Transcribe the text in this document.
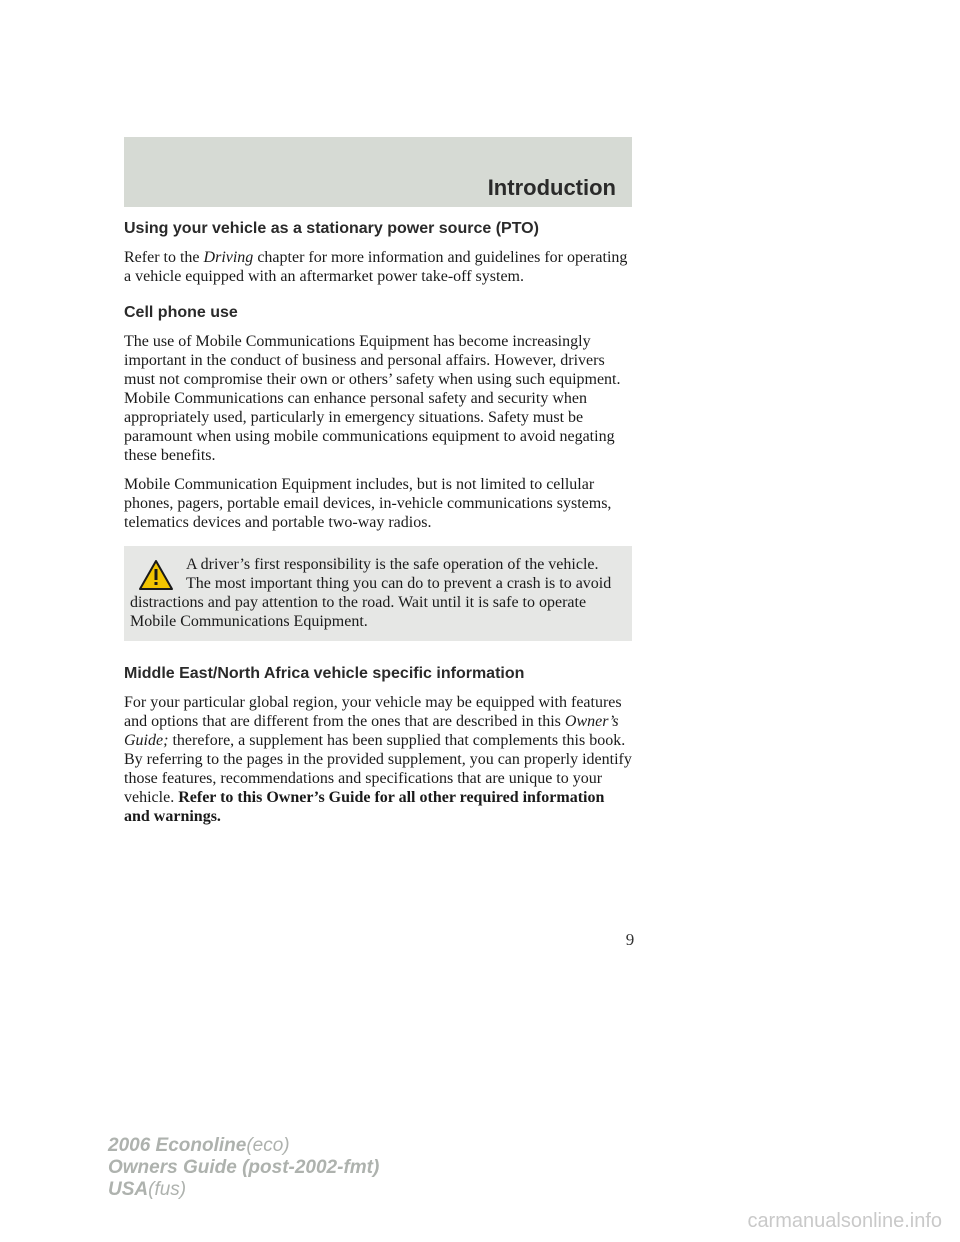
Introduction
Using your vehicle as a stationary power source (PTO)

Refer to the Driving chapter for more information and guidelines for operating a vehicle equipped with an aftermarket power take-off system.

Cell phone use

The use of Mobile Communications Equipment has become increasingly important in the conduct of business and personal affairs. However, drivers must not compromise their own or others’ safety when using such equipment. Mobile Communications can enhance personal safety and security when appropriately used, particularly in emergency situations. Safety must be paramount when using mobile communications equipment to avoid negating these benefits.

Mobile Communication Equipment includes, but is not limited to cellular phones, pagers, portable email devices, in-vehicle communications systems, telematics devices and portable two-way radios.

A driver’s first responsibility is the safe operation of the vehicle. The most important thing you can do to prevent a crash is to avoid distractions and pay attention to the road. Wait until it is safe to operate Mobile Communications Equipment.

Middle East/North Africa vehicle specific information

For your particular global region, your vehicle may be equipped with features and options that are different from the ones that are described in this Owner’s Guide; therefore, a supplement has been supplied that complements this book. By referring to the pages in the provided supplement, you can properly identify those features, recommendations and specifications that are unique to your vehicle. Refer to this Owner’s Guide for all other required information and warnings.

9
2006 Econoline(eco)
Owners Guide (post-2002-fmt)
USA(fus)
carmanualsonline.info
